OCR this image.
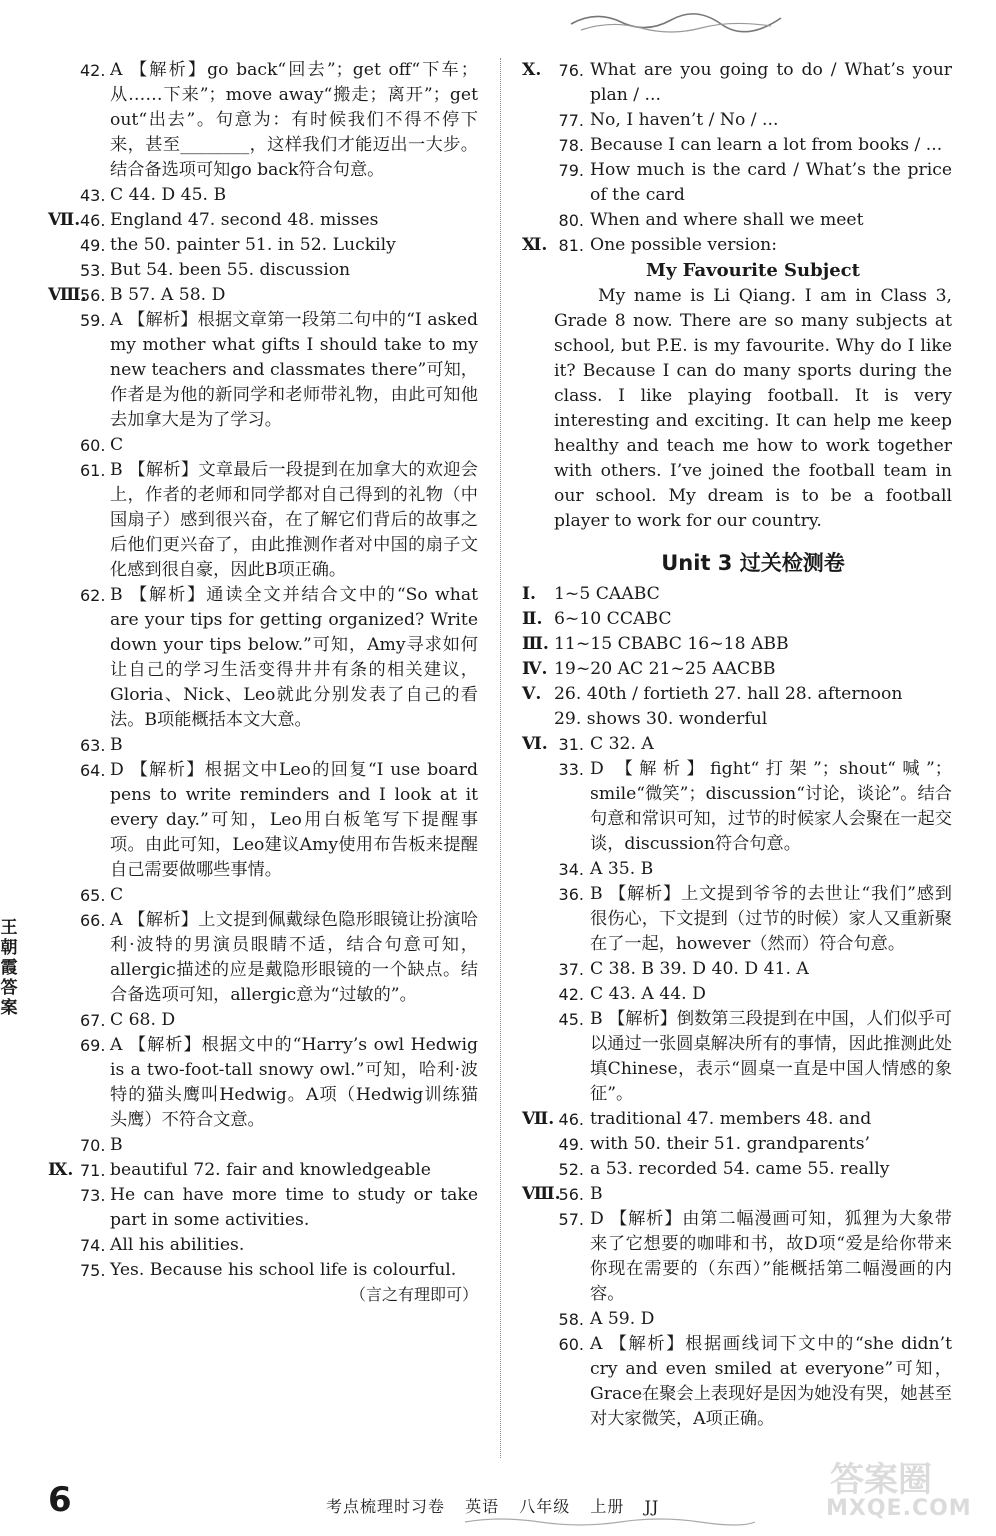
王
朝
霞
答
案
42. A 【解析】go back“回去”；get off“下车；从……下来”；move away“搬走；离开”；get out“出去”。句意为：有时候我们不得不停下来，甚至________，这样我们才能迈出一大步。结合备选项可知go back符合句意。
43. C 44. D 45. B
Ⅶ. 46. England 47. second 48. misses
49. the 50. painter 51. in 52. Luckily
53. But 54. been 55. discussion
Ⅷ.
56. B 57. A 58. D
59. A 【解析】根据文章第一段第二句中的“I asked my mother what gifts I should take to my new teachers and classmates there”可知，作者是为他的新同学和老师带礼物，由此可知他去加拿大是为了学习。
60. C
61. B 【解析】文章最后一段提到在加拿大的欢迎会上，作者的老师和同学都对自己得到的礼物（中国扇子）感到很兴奋，在了解它们背后的故事之后他们更兴奋了，由此推测作者对中国的扇子文化感到很自豪，因此B项正确。
62. B 【解析】通读全文并结合文中的“So what are your tips for getting organized? Write down your tips below.”可知，Amy寻求如何让自己的学习生活变得井井有条的相关建议，Gloria、Nick、Leo就此分别发表了自己的看法。B项能概括本文大意。
63. B
64. D 【解析】根据文中Leo的回复“I use board pens to write reminders and I look at it every day.”可知，Leo用白板笔写下提醒事项。由此可知，Leo建议Amy使用布告板来提醒自己需要做哪些事情。
65. C
66. A 【解析】上文提到佩戴绿色隐形眼镜让扮演哈利·波特的男演员眼睛不适，结合句意可知，allergic描述的应是戴隐形眼镜的一个缺点。结合备选项可知，allergic意为“过敏的”。
67. C 68. D
69. A 【解析】根据文中的“Harry’s owl Hedwig is a two-foot-tall snowy owl.”可知，哈利·波特的猫头鹰叫Hedwig。A项（Hedwig训练猫头鹰）不符合文意。
70. B
Ⅸ. 71. beautiful 72. fair and knowledgeable
73. He can have more time to study or take part in some activities.
74. All his abilities.
75. Yes. Because his school life is colourful.
（言之有理即可）
Ⅹ.	76. What are you going to do / What’s your plan / ...
77. No, I haven’t / No / ...
78. Because I can learn a lot from books / ...
79. How much is the card / What’s the price of the card
80. When and where shall we meet
Ⅺ. 81. One possible version:
My Favourite Subject
My name is Li Qiang. I am in Class 3, Grade 8 now. There are so many subjects at school, but P.E. is my favourite. Why do I like it? Because I can do many sports during the class. I like playing football. It is very interesting and exciting. It can help me keep healthy and teach me how to work together with others. I’ve joined the football team in our school. My dream is to be a football player to work for our country.
Unit 3 过关检测卷
Ⅰ.	1~5 CAABC
Ⅱ. 6~10 CCABC
Ⅲ. 11~15 CBABC 16~18 ABB
Ⅳ. 19~20 AC 21~25 AACBB
Ⅴ. 26. 40th / fortieth 27. hall 28. afternoon
29. shows 30. wonderful
Ⅵ. 31. C 32. A
33. D 【解析】fight“打架”；shout“喊”；smile“微笑”；discussion“讨论，谈论”。结合句意和常识可知，过节的时候家人会聚在一起交谈，discussion符合句意。
34. A 35. B
36. B 【解析】上文提到爷爷的去世让“我们”感到很伤心，下文提到（过节的时候）家人又重新聚在了一起，however（然而）符合句意。
37. C 38. B 39. D 40. D 41. A
42. C 43. A 44. D
45. B 【解析】倒数第三段提到在中国，人们似乎可以通过一张圆桌解决所有的事情，因此推测此处填Chinese，表示“圆桌一直是中国人情感的象征”。
Ⅶ. 46. traditional 47. members 48. and
49. with 50. their 51. grandparents’
52. a 53. recorded 54. came 55. really
Ⅷ.
56. B
57. D 【解析】由第二幅漫画可知，狐狸为大象带来了它想要的咖啡和书，故D项“爱是给你带来你现在需要的（东西）”能概括第二幅漫画的内容。
58. A 59. D
60. A 【解析】根据画线词下文中的“she didn’t cry and even smiled at everyone”可知，Grace在聚会上表现好是因为她没有哭，她甚至对大家微笑，A项正确。
6	考点梳理时习卷 英语 八年级 上册 JJ
答案圈
MXQE.COM
